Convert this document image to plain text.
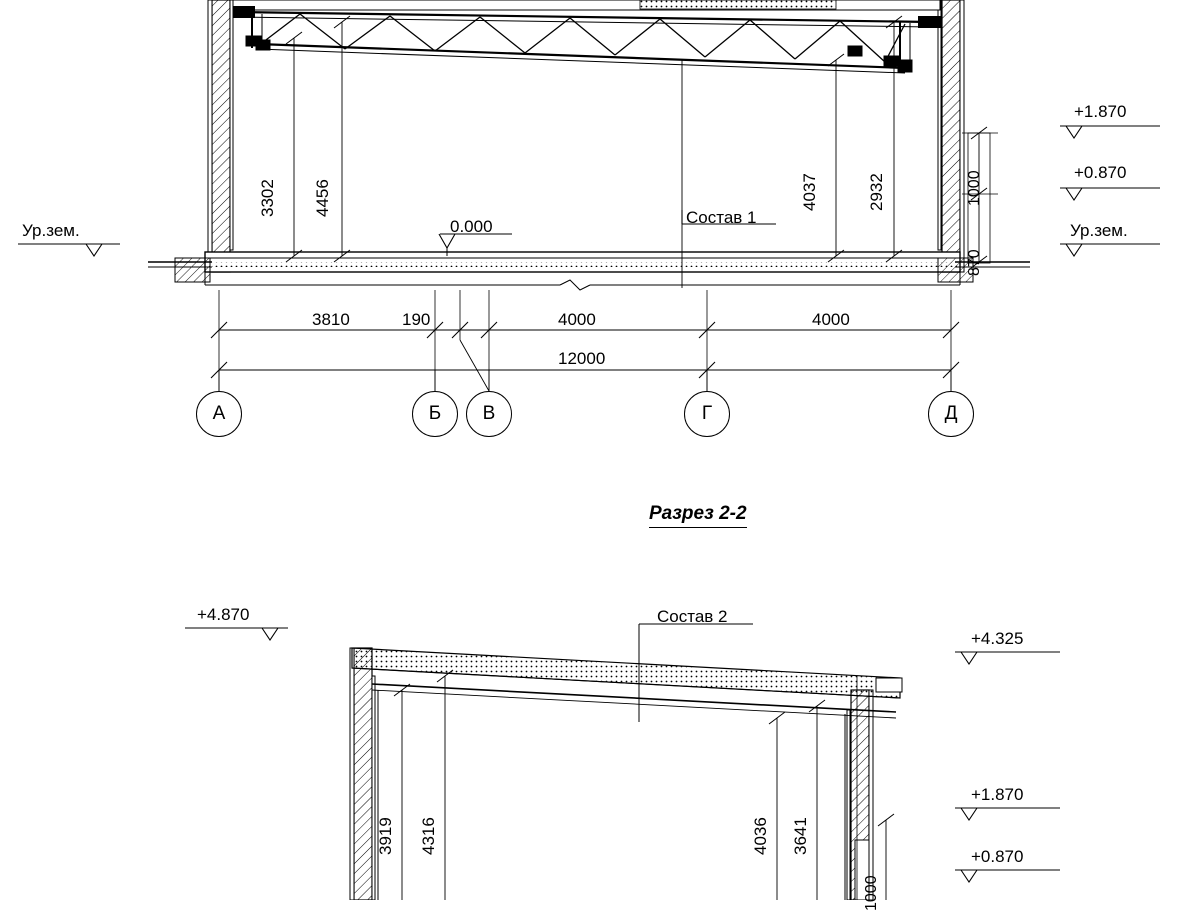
Разрез 2-2
Ур.зем.
+1.870
+0.870
Ур.зем.
0.000	Состав 1
3302 4456	4037	2932	1000
870
3810	190	4000	4000
12000
А	Б В	Г	Д
+4.870
+4.325
+1.870
+0.870
Состав 2
3919 4316	4036 3641
1000
